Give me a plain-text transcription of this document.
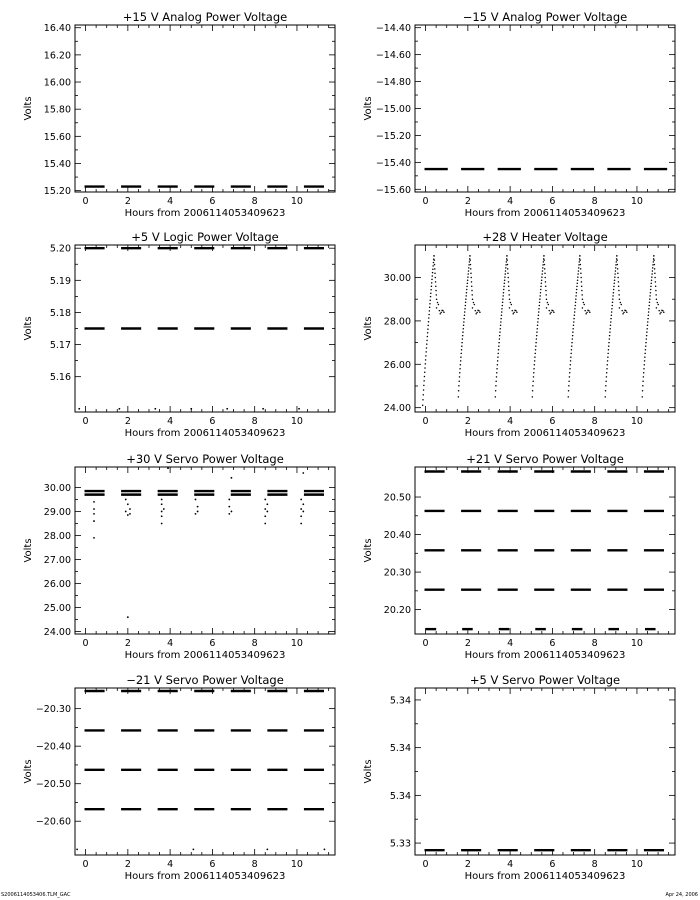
+15 V Analog Power Voltage
0	2	4	6	8	10
15.20
15.40
15.60
15.80
16.00
16.20
16.40
Hours from 2006114053409623
Volts
−15 V Analog Power Voltage
0	2	4	6	8	10
−15.60
−15.40
−15.20
−15.00
−14.80
−14.60
−14.40
Hours from 2006114053409623
Volts
+5 V Logic Power Voltage
0	2	4	6	8	10
5.16
5.17
5.18
5.19
5.20
Hours from 2006114053409623
Volts
+28 V Heater Voltage
0	2	4	6	8	10
24.00
26.00
28.00
30.00
Hours from 2006114053409623
Volts
+30 V Servo Power Voltage
0	2	4	6	8	10
24.00
25.00
26.00
27.00
28.00
29.00
30.00
Hours from 2006114053409623
Volts
+21 V Servo Power Voltage
0	2	4	6	8	10
20.20
20.30
20.40
20.50
Hours from 2006114053409623
Volts
−21 V Servo Power Voltage
0	2	4	6	8	10
−20.60
−20.50
−20.40
−20.30
Hours from 2006114053409623
Volts
+5 V Servo Power Voltage
0	2	4	6	8	10
5.33
5.34
5.34
5.34
Hours from 2006114053409623
Volts
S2006114053406.TLM_GAC	Apr 24, 2006
